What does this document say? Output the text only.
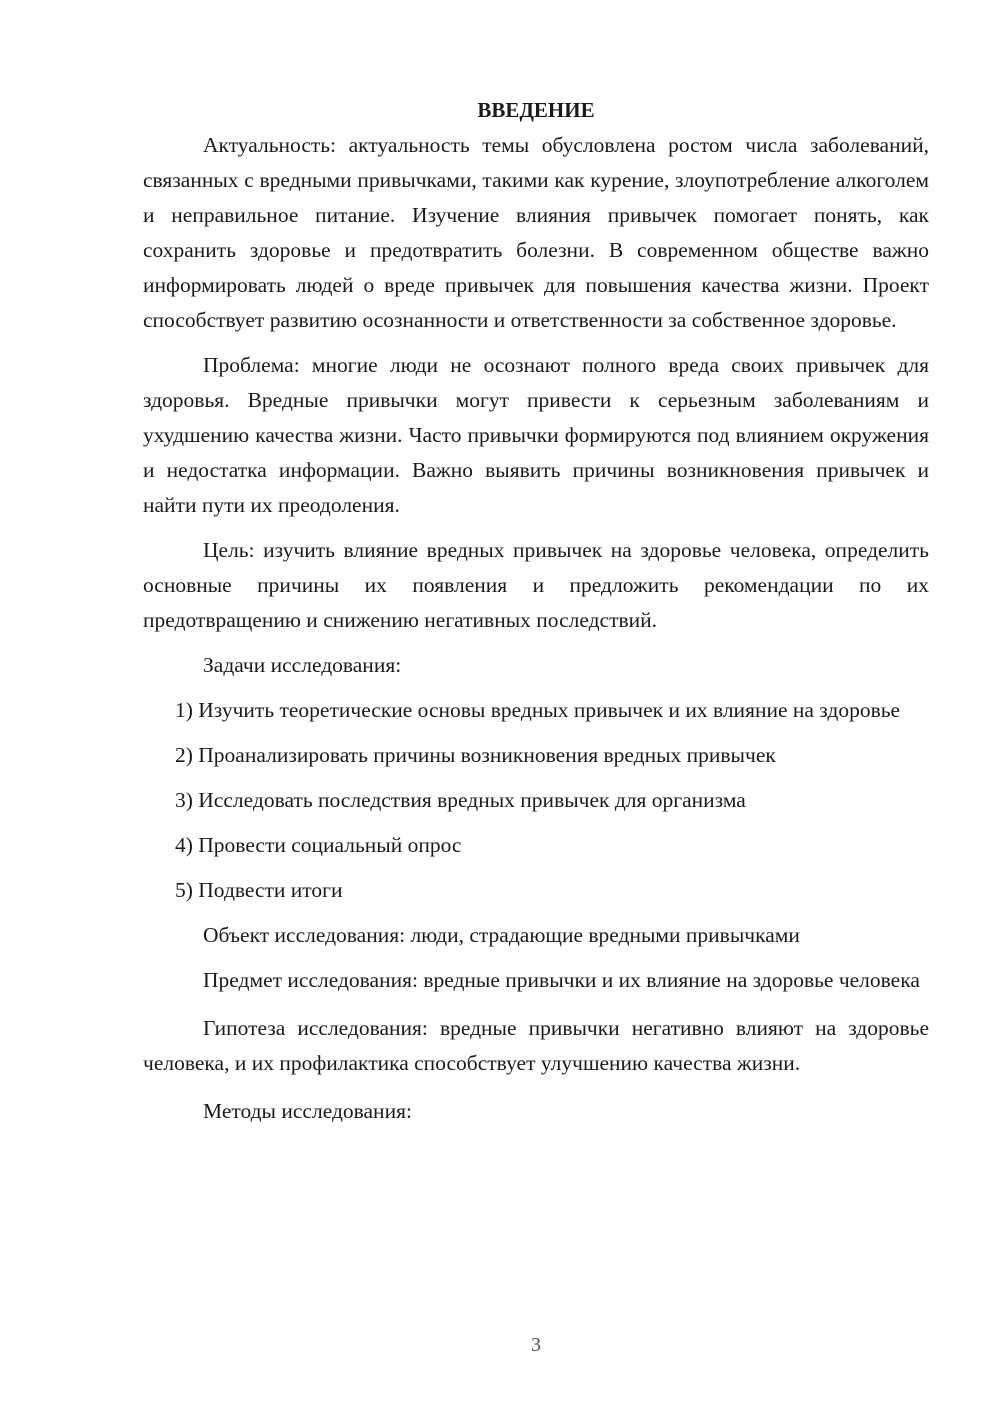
ВВЕДЕНИЕ

Актуальность: актуальность темы обусловлена ростом числа заболеваний, связанных с вредными привычками, такими как курение, злоупотребление алкоголем и неправильное питание. Изучение влияния привычек помогает понять, как сохранить здоровье и предотвратить болезни. В современном обществе важно информировать людей о вреде привычек для повышения качества жизни. Проект способствует развитию осознанности и ответственности за собственное здоровье.

Проблема: многие люди не осознают полного вреда своих привычек для здоровья. Вредные привычки могут привести к серьезным заболеваниям и ухудшению качества жизни. Часто привычки формируются под влиянием окружения и недостатка информации. Важно выявить причины возникновения привычек и найти пути их преодоления.

Цель: изучить влияние вредных привычек на здоровье человека, определить основные причины их появления и предложить рекомендации по их предотвращению и снижению негативных последствий.

Задачи исследования:

1) Изучить теоретические основы вредных привычек и их влияние на здоровье

2) Проанализировать причины возникновения вредных привычек

3) Исследовать последствия вредных привычек для организма

4) Провести социальный опрос

5) Подвести итоги

Объект исследования: люди, страдающие вредными привычками

Предмет исследования: вредные привычки и их влияние на здоровье человека

Гипотеза исследования: вредные привычки негативно влияют на здоровье человека, и их профилактика способствует улучшению качества жизни.

Методы исследования:

3
